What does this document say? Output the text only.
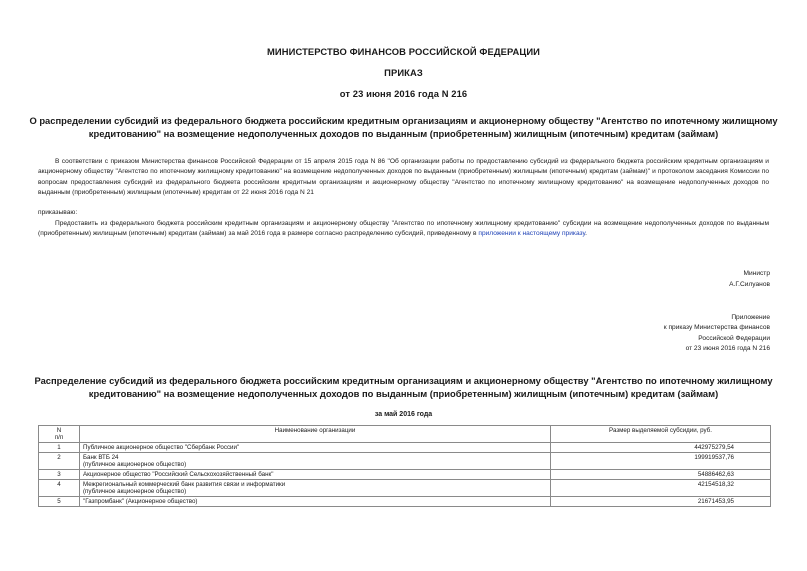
МИНИСТЕРСТВО ФИНАНСОВ РОССИЙСКОЙ ФЕДЕРАЦИИ
ПРИКАЗ
от 23 июня 2016 года N 216
О распределении субсидий из федерального бюджета российским кредитным организациям и акционерному обществу "Агентство по ипотечному жилищному
кредитованию" на возмещение недополученных доходов по выданным (приобретенным) жилищным (ипотечным) кредитам (займам)
В соответствии с приказом Министерства финансов Российской Федерации от 15 апреля 2015 года N 86 "Об организации работы по предоставлению субсидий из федерального бюджета российским кредитным организациям и акционерному обществу "Агентство по ипотечному жилищному кредитованию" на возмещение недополученных доходов по выданным (приобретенным) жилищным (ипотечным) кредитам (займам)" и протоколом заседания Комиссии по вопросам предоставления субсидий из федерального бюджета российским кредитным организациям и акционерному обществу "Агентство по ипотечному жилищному кредитованию" на возмещение недополученных доходов по выданным (приобретенным) жилищным (ипотечным) кредитам от 22 июня 2016 года N 21
приказываю:
Предоставить из федерального бюджета российским кредитным организациям и акционерному обществу "Агентство по ипотечному жилищному кредитованию" субсидии на возмещение недополученных доходов по выданным (приобретенным) жилищным (ипотечным) кредитам (займам) за май 2016 года в размере согласно распределению субсидий, приведенному в приложении к настоящему приказу.
Министр
А.Г.Силуанов
Приложение
к приказу Министерства финансов
Российской Федерации
от 23 июня 2016 года N 216
Распределение субсидий из федерального бюджета российским кредитным организациям и акционерному обществу "Агентство по ипотечному жилищному
кредитованию" на возмещение недополученных доходов по выданным (приобретенным) жилищным (ипотечным) кредитам (займам)
за май 2016 года
N
п/п	Наименование организации	Размер выделяемой субсидии, руб.
1	Публичное акционерное общество "Сбербанк России"	442975279,54
2	Банк ВТБ 24
(публичное акционерное общество)	199919537,76
3	Акционерное общество "Российский Сельскохозяйственный банк"	54886462,63
4	Межрегиональный коммерческий банк развития связи и информатики
(публичное акционерное общество)	42154518,32
5	"Газпромбанк" (Акционерное общество)	21671453,95
